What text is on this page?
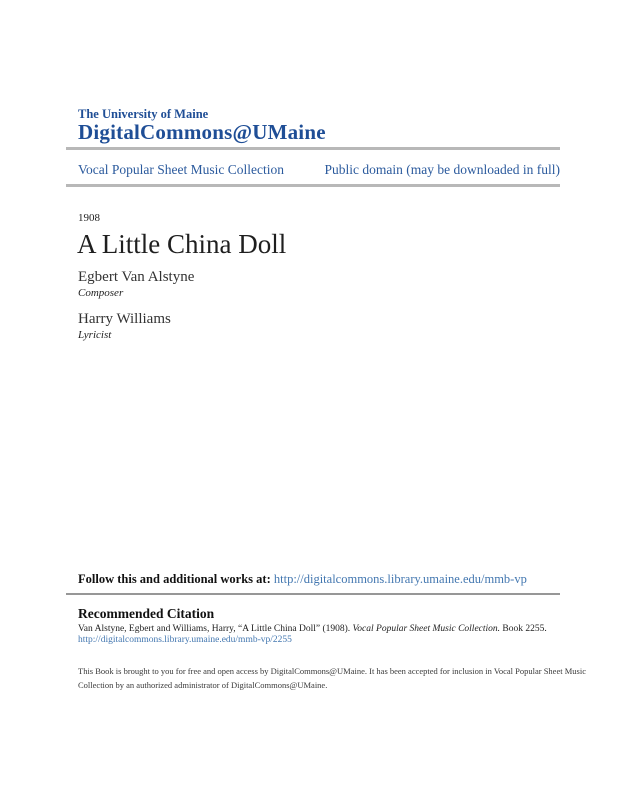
The University of Maine
DigitalCommons@UMaine
Vocal Popular Sheet Music Collection	Public domain (may be downloaded in full)
1908
A Little China Doll
Egbert Van Alstyne
Composer
Harry Williams
Lyricist
Follow this and additional works at: http://digitalcommons.library.umaine.edu/mmb-vp
Recommended Citation
Van Alstyne, Egbert and Williams, Harry, “A Little China Doll” (1908). Vocal Popular Sheet Music Collection. Book 2255.
http://digitalcommons.library.umaine.edu/mmb-vp/2255
This Book is brought to you for free and open access by DigitalCommons@UMaine. It has been accepted for inclusion in Vocal Popular Sheet Music
Collection by an authorized administrator of DigitalCommons@UMaine.
